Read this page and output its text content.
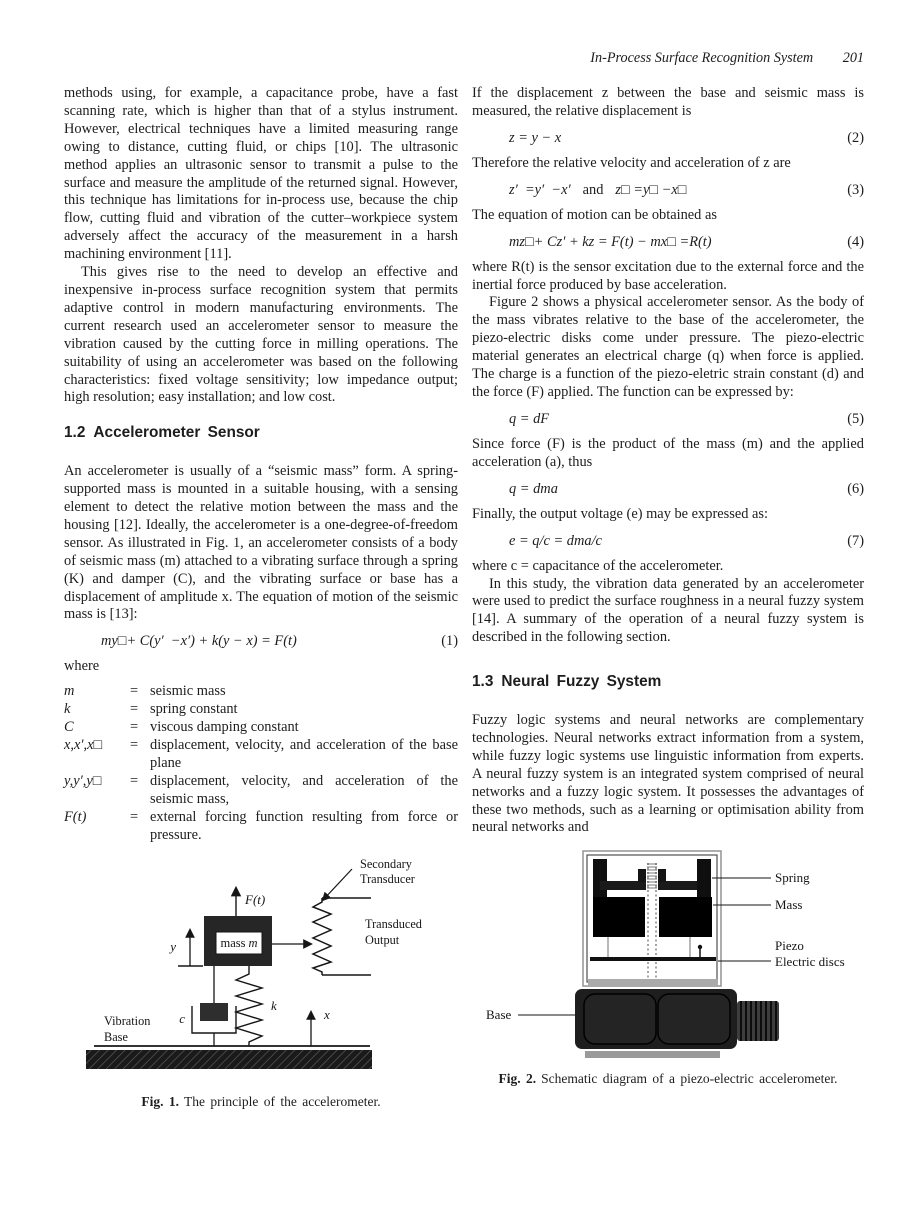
In-Process Surface Recognition System 201

methods using, for example, a capacitance probe, have a fast scanning rate, which is higher than that of a stylus instrument. However, electrical techniques have a limited measuring range owing to distance, cutting fluid, or chips [10]. The ultrasonic method applies an ultrasonic sensor to transmit a pulse to the surface and measure the amplitude of the returned signal. However, this technique has limitations for in-process use, because the chip flow, cutting fluid and vibration of the cutter–workpiece system adversely affect the accuracy of the measurement in a harsh machining environment [11].

This gives rise to the need to develop an effective and inexpensive in-process surface recognition system that permits adaptive control in modern manufacturing environments. The current research used an accelerometer sensor to measure the vibration caused by the cutting force in milling operations. The suitability of using an accelerometer was based on the following characteristics: fixed voltage sensitivity; low impedance output; high resolution; easy installation; and low cost.

1.2 Accelerometer Sensor

An accelerometer is usually of a “seismic mass” form. A spring-supported mass is mounted in a suitable housing, with a sensing element to detect the relative motion between the mass and the housing [12]. Ideally, the accelerometer is a one-degree-of-freedom sensor. As illustrated in Fig. 1, an accelerometer consists of a body of seismic mass (m) attached to a vibrating surface through a spring (K) and damper (C), and the vibrating surface or base has a displacement of amplitude x. The equation of motion of the seismic mass is [13]:

my□+ C(y′  −x′) + k(y − x) = F(t)	(1)

where

m	= seismic mass
k	= spring constant
C	= viscous damping constant
x,x′,x□	= displacement, velocity, and acceleration of the base plane
y,y′,y□	= displacement, velocity, and acceleration of the seismic mass,
F(t)	= external forcing function resulting from force or pressure.
mass m
F(t)
y
Secondary
Transducer
Transduced
Output
x
c
k
Vibration
Base
Fig. 1. The principle of the accelerometer.

If the displacement z between the base and seismic mass is measured, the relative displacement is

z = y − x	(2)

Therefore the relative velocity and acceleration of z are

z′  =y′  −x′ and z□ =y□ −x□	(3)

The equation of motion can be obtained as

mz□+ Cz′ + kz = F(t) − mx□ =R(t)	(4)

where R(t) is the sensor excitation due to the external force and the inertial force produced by base acceleration.

Figure 2 shows a physical accelerometer sensor. As the body of the mass vibrates relative to the base of the accelerometer, the piezo-electric disks come under pressure. The piezo-electric material generates an electrical charge (q) when force is applied. The charge is a function of the piezo-eletric strain constant (d) and the force (F) applied. The function can be expressed by:

q = dF	(5)

Since force (F) is the product of the mass (m) and the applied acceleration (a), thus

q = dma	(6)

Finally, the output voltage (e) may be expressed as:

e = q/c = dma/c	(7)

where c = capacitance of the accelerometer.

In this study, the vibration data generated by an accelerometer were used to predict the surface roughness in a neural fuzzy system [14]. A summary of the operation of a neural fuzzy system is described in the following section.

1.3 Neural Fuzzy System

Fuzzy logic systems and neural networks are complementary technologies. Neural networks extract information from a system, while fuzzy logic systems use linguistic information from experts. A neural fuzzy system is an integrated system comprised of neural networks and a fuzzy logic system. It possesses the advantages of these two methods, such as a learning or optimisation ability from neural networks and

Spring
Mass
Piezo
Electric discs
Base
Fig. 2. Schematic diagram of a piezo-electric accelerometer.
